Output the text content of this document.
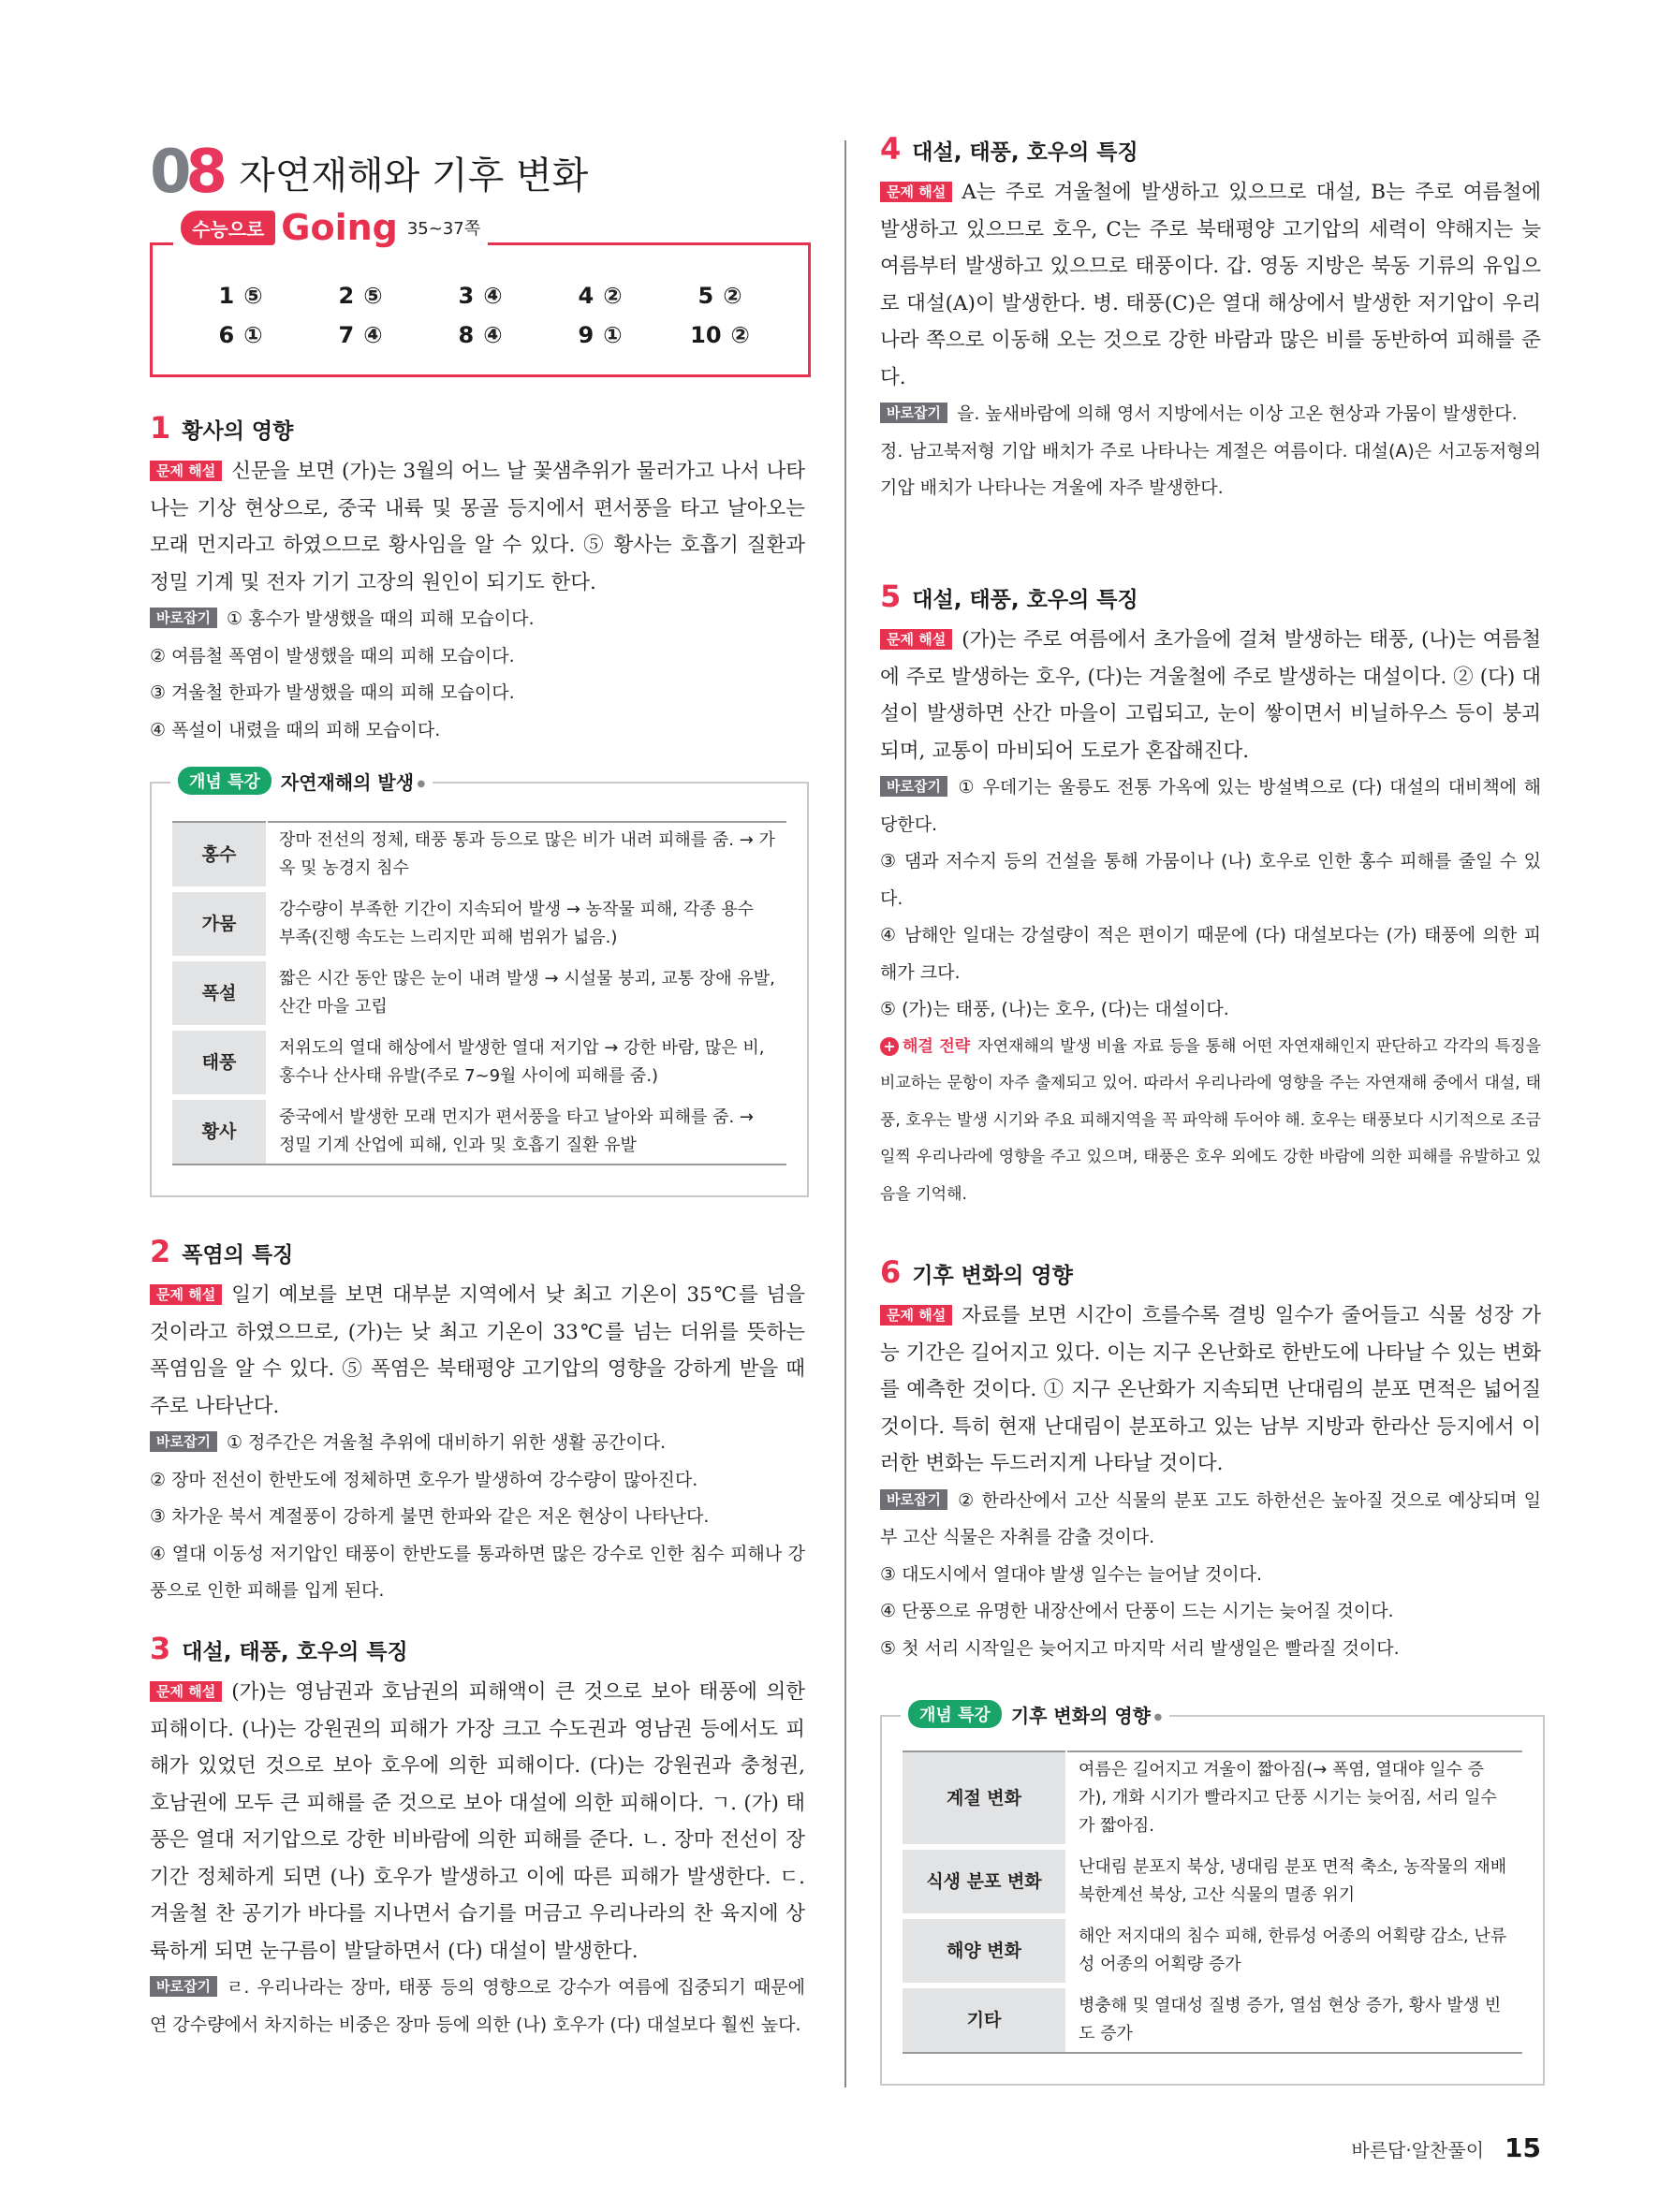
08 자연재해와 기후 변화
수능으로 Going 35~37쪽
1 ⑤	2 ⑤	3 ④	4 ②	5 ②
6 ①	7 ④	8 ④	9 ①	10 ②
1 황사의 영향

문제 해설 신문을 보면 (가)는 3월의 어느 날 꽃샘추위가 물러가고 나서 나타나는 기상 현상으로, 중국 내륙 및 몽골 등지에서 편서풍을 타고 날아오는 모래 먼지라고 하였으므로 황사임을 알 수 있다. ⑤ 황사는 호흡기 질환과 정밀 기계 및 전자 기기 고장의 원인이 되기도 한다.

바로잡기 ① 홍수가 발생했을 때의 피해 모습이다.

② 여름철 폭염이 발생했을 때의 피해 모습이다.

③ 겨울철 한파가 발생했을 때의 피해 모습이다.

④ 폭설이 내렸을 때의 피해 모습이다.

개념 특강	자연재해의 발생 ●
홍수	장마 전선의 정체, 태풍 통과 등으로 많은 비가 내려 피해를 줌. → 가옥 및 농경지 침수
가뭄	강수량이 부족한 기간이 지속되어 발생 → 농작물 피해, 각종 용수 부족(진행 속도는 느리지만 피해 범위가 넓음.)
폭설	짧은 시간 동안 많은 눈이 내려 발생 → 시설물 붕괴, 교통 장애 유발, 산간 마을 고립
태풍	저위도의 열대 해상에서 발생한 열대 저기압 → 강한 바람, 많은 비, 홍수나 산사태 유발(주로 7~9월 사이에 피해를 줌.)
황사	중국에서 발생한 모래 먼지가 편서풍을 타고 날아와 피해를 줌. → 정밀 기계 산업에 피해, 인과 및 호흡기 질환 유발
2 폭염의 특징

문제 해설 일기 예보를 보면 대부분 지역에서 낮 최고 기온이 35℃를 넘을 것이라고 하였으므로, (가)는 낮 최고 기온이 33℃를 넘는 더위를 뜻하는 폭염임을 알 수 있다. ⑤ 폭염은 북태평양 고기압의 영향을 강하게 받을 때 주로 나타난다.

바로잡기 ① 정주간은 겨울철 추위에 대비하기 위한 생활 공간이다.

② 장마 전선이 한반도에 정체하면 호우가 발생하여 강수량이 많아진다.

③ 차가운 북서 계절풍이 강하게 불면 한파와 같은 저온 현상이 나타난다.

④ 열대 이동성 저기압인 태풍이 한반도를 통과하면 많은 강수로 인한 침수 피해나 강풍으로 인한 피해를 입게 된다.

3 대설, 태풍, 호우의 특징

문제 해설 (가)는 영남권과 호남권의 피해액이 큰 것으로 보아 태풍에 의한 피해이다. (나)는 강원권의 피해가 가장 크고 수도권과 영남권 등에서도 피해가 있었던 것으로 보아 호우에 의한 피해이다. (다)는 강원권과 충청권, 호남권에 모두 큰 피해를 준 것으로 보아 대설에 의한 피해이다. ㄱ. (가) 태풍은 열대 저기압으로 강한 비바람에 의한 피해를 준다. ㄴ. 장마 전선이 장기간 정체하게 되면 (나) 호우가 발생하고 이에 따른 피해가 발생한다. ㄷ. 겨울철 찬 공기가 바다를 지나면서 습기를 머금고 우리나라의 찬 육지에 상륙하게 되면 눈구름이 발달하면서 (다) 대설이 발생한다.

바로잡기 ㄹ. 우리나라는 장마, 태풍 등의 영향으로 강수가 여름에 집중되기 때문에 연 강수량에서 차지하는 비중은 장마 등에 의한 (나) 호우가 (다) 대설보다 훨씬 높다.

4 대설, 태풍, 호우의 특징

문제 해설 A는 주로 겨울철에 발생하고 있으므로 대설, B는 주로 여름철에 발생하고 있으므로 호우, C는 주로 북태평양 고기압의 세력이 약해지는 늦여름부터 발생하고 있으므로 태풍이다. 갑. 영동 지방은 북동 기류의 유입으로 대설(A)이 발생한다. 병. 태풍(C)은 열대 해상에서 발생한 저기압이 우리나라 쪽으로 이동해 오는 것으로 강한 바람과 많은 비를 동반하여 피해를 준다.

바로잡기 을. 높새바람에 의해 영서 지방에서는 이상 고온 현상과 가뭄이 발생한다.

정. 남고북저형 기압 배치가 주로 나타나는 계절은 여름이다. 대설(A)은 서고동저형의 기압 배치가 나타나는 겨울에 자주 발생한다.

5 대설, 태풍, 호우의 특징

문제 해설 (가)는 주로 여름에서 초가을에 걸쳐 발생하는 태풍, (나)는 여름철에 주로 발생하는 호우, (다)는 겨울철에 주로 발생하는 대설이다. ② (다) 대설이 발생하면 산간 마을이 고립되고, 눈이 쌓이면서 비닐하우스 등이 붕괴되며, 교통이 마비되어 도로가 혼잡해진다.

바로잡기 ① 우데기는 울릉도 전통 가옥에 있는 방설벽으로 (다) 대설의 대비책에 해당한다.

③ 댐과 저수지 등의 건설을 통해 가뭄이나 (나) 호우로 인한 홍수 피해를 줄일 수 있다.

④ 남해안 일대는 강설량이 적은 편이기 때문에 (다) 대설보다는 (가) 태풍에 의한 피해가 크다.

⑤ (가)는 태풍, (나)는 호우, (다)는 대설이다.

+ 해결 전략 자연재해의 발생 비율 자료 등을 통해 어떤 자연재해인지 판단하고 각각의 특징을 비교하는 문항이 자주 출제되고 있어. 따라서 우리나라에 영향을 주는 자연재해 중에서 대설, 태풍, 호우는 발생 시기와 주요 피해지역을 꼭 파악해 두어야 해. 호우는 태풍보다 시기적으로 조금 일찍 우리나라에 영향을 주고 있으며, 태풍은 호우 외에도 강한 바람에 의한 피해를 유발하고 있음을 기억해.

6 기후 변화의 영향

문제 해설 자료를 보면 시간이 흐를수록 결빙 일수가 줄어들고 식물 성장 가능 기간은 길어지고 있다. 이는 지구 온난화로 한반도에 나타날 수 있는 변화를 예측한 것이다. ① 지구 온난화가 지속되면 난대림의 분포 면적은 넓어질 것이다. 특히 현재 난대림이 분포하고 있는 남부 지방과 한라산 등지에서 이러한 변화는 두드러지게 나타날 것이다.

바로잡기 ② 한라산에서 고산 식물의 분포 고도 하한선은 높아질 것으로 예상되며 일부 고산 식물은 자취를 감출 것이다.

③ 대도시에서 열대야 발생 일수는 늘어날 것이다.

④ 단풍으로 유명한 내장산에서 단풍이 드는 시기는 늦어질 것이다.

⑤ 첫 서리 시작일은 늦어지고 마지막 서리 발생일은 빨라질 것이다.

개념 특강	기후 변화의 영향 ●
계절 변화	여름은 길어지고 겨울이 짧아짐(→ 폭염, 열대야 일수 증가), 개화 시기가 빨라지고 단풍 시기는 늦어짐, 서리 일수가 짧아짐.
식생 분포 변화	난대림 분포지 북상, 냉대림 분포 면적 축소, 농작물의 재배 북한계선 북상, 고산 식물의 멸종 위기
해양 변화	해안 저지대의 침수 피해, 한류성 어종의 어획량 감소, 난류성 어종의 어획량 증가
기타	병충해 및 열대성 질병 증가, 열섬 현상 증가, 황사 발생 빈도 증가
바른답·알찬풀이 15
